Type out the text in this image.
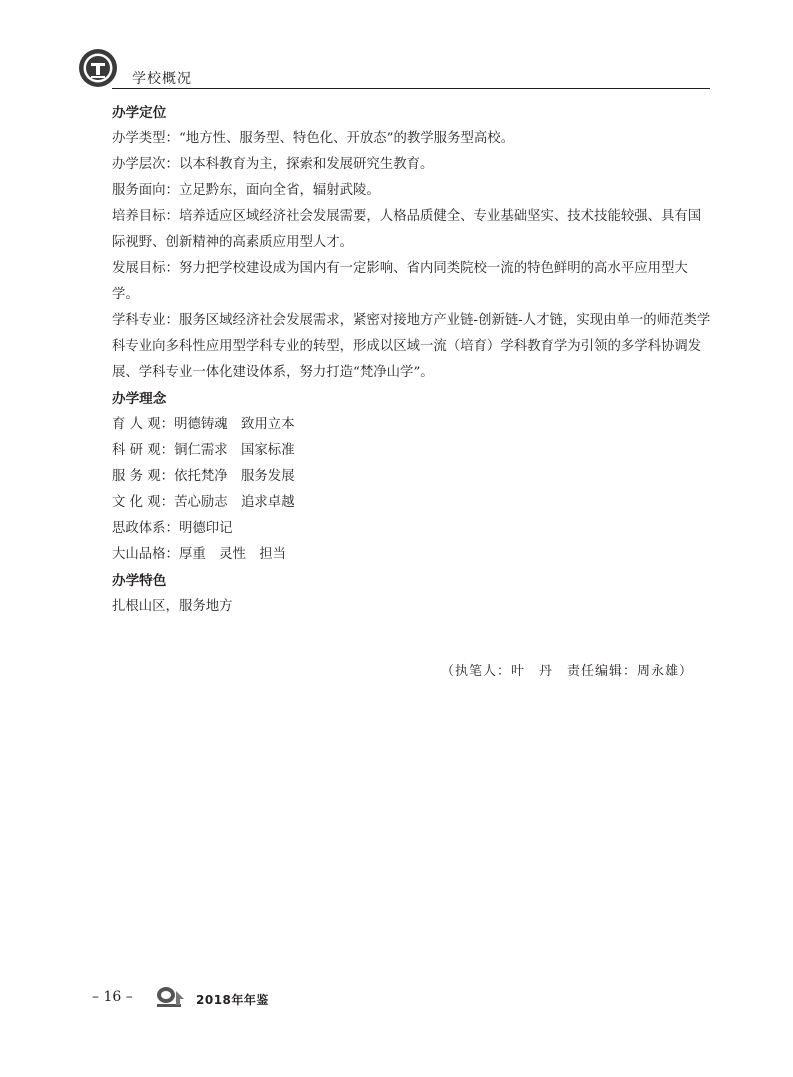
学校概况

办学定位

办学类型：“地方性、服务型、特色化、开放态”的教学服务型高校。

办学层次：以本科教育为主，探索和发展研究生教育。

服务面向：立足黔东，面向全省，辐射武陵。

培养目标：培养适应区域经济社会发展需要，人格品质健全、专业基础坚实、技术技能较强、具有国际视野、创新精神的高素质应用型人才。

发展目标：努力把学校建设成为国内有一定影响、省内同类院校一流的特色鲜明的高水平应用型大学。

学科专业：服务区域经济社会发展需求，紧密对接地方产业链-创新链-人才链，实现由单一的师范类学科专业向多科性应用型学科专业的转型，形成以区域一流（培育）学科教育学为引领的多学科协调发展、学科专业一体化建设体系，努力打造“梵净山学”。

办学理念

育 人 观：明德铸魂　致用立本

科 研 观：铜仁需求　国家标准

服 务 观：依托梵净　服务发展

文 化 观：苦心励志　追求卓越

思政体系：明德印记

大山品格：厚重　灵性　担当

办学特色

扎根山区，服务地方

（执笔人：叶　丹　责任编辑：周永雄）
– 16 –	2018年年鉴
